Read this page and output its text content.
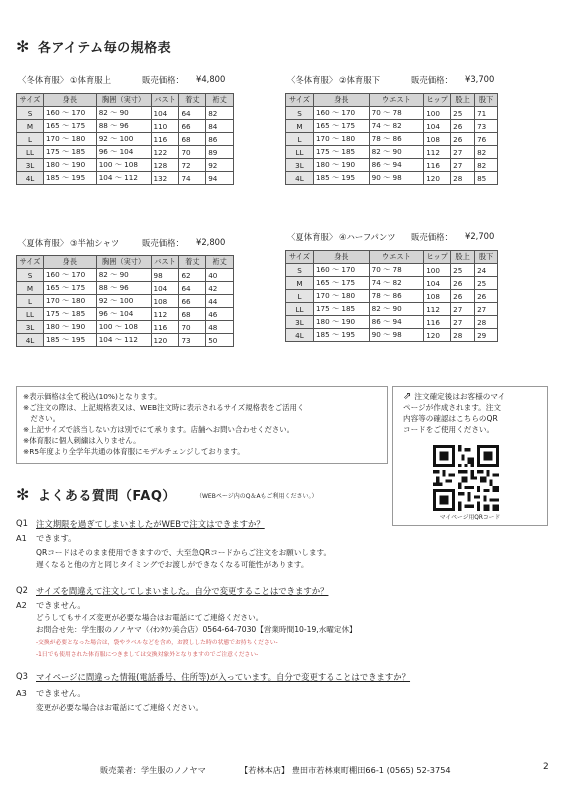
✻ 各アイテム毎の規格表
〈冬体育服〉 ①体育服上	販売価格：	¥4,800	〈冬体育服〉 ②体育服下	販売価格：	¥3,700
〈夏体育服〉 ③半袖シャツ	販売価格：	¥2,800	〈夏体育服〉 ④ハーフパンツ	販売価格：	¥2,700
サイズ	身長	胸囲（実寸）	バスト	着丈	裄丈
S	160 ～ 170	82 ～ 90	104	64	82
M	165 ～ 175	88 ～ 96	110	66	84
L	170 ～ 180	92 ～ 100	116	68	86
LL	175 ～ 185	96 ～ 104	122	70	89
3L	180 ～ 190	100 ～ 108	128	72	92
4L	185 ～ 195	104 ～ 112	132	74	94
サイズ	身長	ウエスト	ヒップ	股上	股下
S	160 ～ 170	70 ～ 78	100	25	71
M	165 ～ 175	74 ～ 82	104	26	73
L	170 ～ 180	78 ～ 86	108	26	76
LL	175 ～ 185	82 ～ 90	112	27	82
3L	180 ～ 190	86 ～ 94	116	27	82
4L	185 ～ 195	90 ～ 98	120	28	85
サイズ	身長	胸囲（実寸）	バスト	着丈	裄丈
S	160 ～ 170	82 ～ 90	98	62	40
M	165 ～ 175	88 ～ 96	104	64	42
L	170 ～ 180	92 ～ 100	108	66	44
LL	175 ～ 185	96 ～ 104	112	68	46
3L	180 ～ 190	100 ～ 108	116	70	48
4L	185 ～ 195	104 ～ 112	120	73	50
サイズ	身長	ウエスト	ヒップ	股上	股下
S	160 ～ 170	70 ～ 78	100	25	24
M	165 ～ 175	74 ～ 82	104	26	25
L	170 ～ 180	78 ～ 86	108	26	26
LL	175 ～ 185	82 ～ 90	112	27	27
3L	180 ～ 190	86 ～ 94	116	27	28
4L	185 ～ 195	90 ～ 98	120	28	29
※表示価格は全て税込(10%)となります。
※ご注文の際は、上記規格表又は、WEB注文時に表示されるサイズ規格表をご活用く
　ださい。
※上記サイズで該当しない方は別でにて承ります。店舗へお問い合わせください。
※体育服に個人刺繍は入りません。
※R5年度より全学年共通の体育服にモデルチェンジしております。
⇗ 注文確定後はお客様のマイ
ページが作成されます。注文
内容等の確認はこちらのQR
コードをご使用ください。
マイページ用QRコード
✻ よくある質問（FAQ）	（WEBページ内のQ＆Aもご利用ください。）
Q1 注文期限を過ぎてしまいましたがWEBで注文はできますか？
A1	できます。
QRコードはそのまま使用できますので、大至急QRコードからご注文をお願いします。
遅くなると他の方と同じタイミングでお渡しができなくなる可能性があります。
Q2 サイズを間違えて注文してしまいました。自分で変更することはできますか？
A2	できません。
どうしてもサイズ変更が必要な場合はお電話にてご連絡ください。
お問合せ先：学生服のノノヤマ（ｲｵﾝﾀｳﾝ美合店）0564-64-7030【営業時間10-19,水曜定休】
‐交換が必要となった場合は，袋やラベルなどを含め，お渡しした時の状態でお持ちください‐
‐1日でも使用された体育服につきましては交換対象外となりますのでご注意ください‐
Q3 マイページに間違った情報(電話番号、住所等)が入っています。自分で変更することはできますか？
A3	できません。
変更が必要な場合はお電話にてご連絡ください。
販売業者：学生服のノノヤマ	【若林本店】 豊田市若林東町棚田66-1 (0565) 52-3754	2
